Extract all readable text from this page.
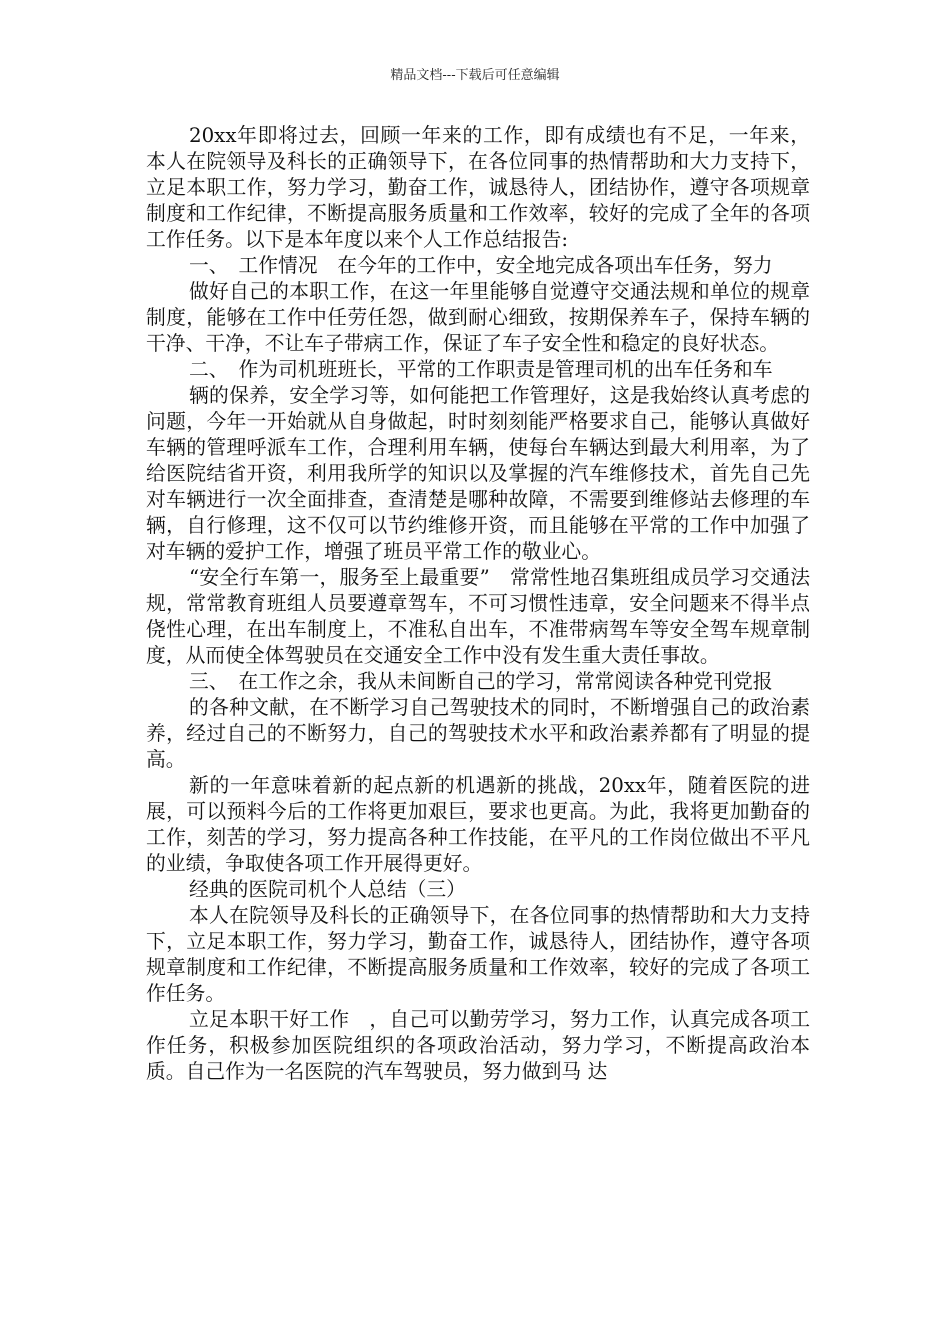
精品文档---下载后可任意编辑

20xx年即将过去，回顾一年来的工作，即有成绩也有不足，一年来，本人在院领导及科长的正确领导下，在各位同事的热情帮助和大力支持下，立足本职工作，努力学习，勤奋工作，诚恳待人，团结协作，遵守各项规章制度和工作纪律，不断提高服务质量和工作效率，较好的完成了全年的各项工作任务。以下是本年度以来个人工作总结报告:

一、　工作情况　在今年的工作中，安全地完成各项出车任务，努力

做好自己的本职工作，在这一年里能够自觉遵守交通法规和单位的规章制度，能够在工作中任劳任怨，做到耐心细致，按期保养车子，保持车辆的干净、干净，不让车子带病工作，保证了车子安全性和稳定的良好状态。

二、　作为司机班班长，平常的工作职责是管理司机的出车任务和车

辆的保养，安全学习等，如何能把工作管理好，这是我始终认真考虑的问题，今年一开始就从自身做起，时时刻刻能严格要求自己，能够认真做好车辆的管理呼派车工作，合理利用车辆，使每台车辆达到最大利用率，为了给医院结省开资，利用我所学的知识以及掌握的汽车维修技术，首先自己先对车辆进行一次全面排查，查清楚是哪种故障，不需要到维修站去修理的车辆，自行修理，这不仅可以节约维修开资，而且能够在平常的工作中加强了对车辆的爱护工作，增强了班员平常工作的敬业心。

“安全行车第一，服务至上最重要”　常常性地召集班组成员学习交通法规，常常教育班组人员要遵章驾车，不可习惯性违章，安全问题来不得半点侥性心理，在出车制度上，不准私自出车，不准带病驾车等安全驾车规章制度，从而使全体驾驶员在交通安全工作中没有发生重大责任事故。

三、　在工作之余，我从未间断自己的学习，常常阅读各种党刊党报

的各种文献，在不断学习自己驾驶技术的同时，不断增强自己的政治素养，经过自己的不断努力，自己的驾驶技术水平和政治素养都有了明显的提高。

新的一年意味着新的起点新的机遇新的挑战，20xx年，随着医院的进展，可以预料今后的工作将更加艰巨，要求也更高。为此，我将更加勤奋的工作，刻苦的学习，努力提高各种工作技能，在平凡的工作岗位做出不平凡的业绩，争取使各项工作开展得更好。

经典的医院司机个人总结（三）

本人在院领导及科长的正确领导下，在各位同事的热情帮助和大力支持下，立足本职工作，努力学习，勤奋工作，诚恳待人，团结协作，遵守各项规章制度和工作纪律，不断提高服务质量和工作效率，较好的完成了各项工作任务。

立足本职干好工作　，自己可以勤劳学习，努力工作，认真完成各项工作任务，积极参加医院组织的各项政治活动，努力学习，不断提高政治本质。自己作为一名医院的汽车驾驶员，努力做到马 达
